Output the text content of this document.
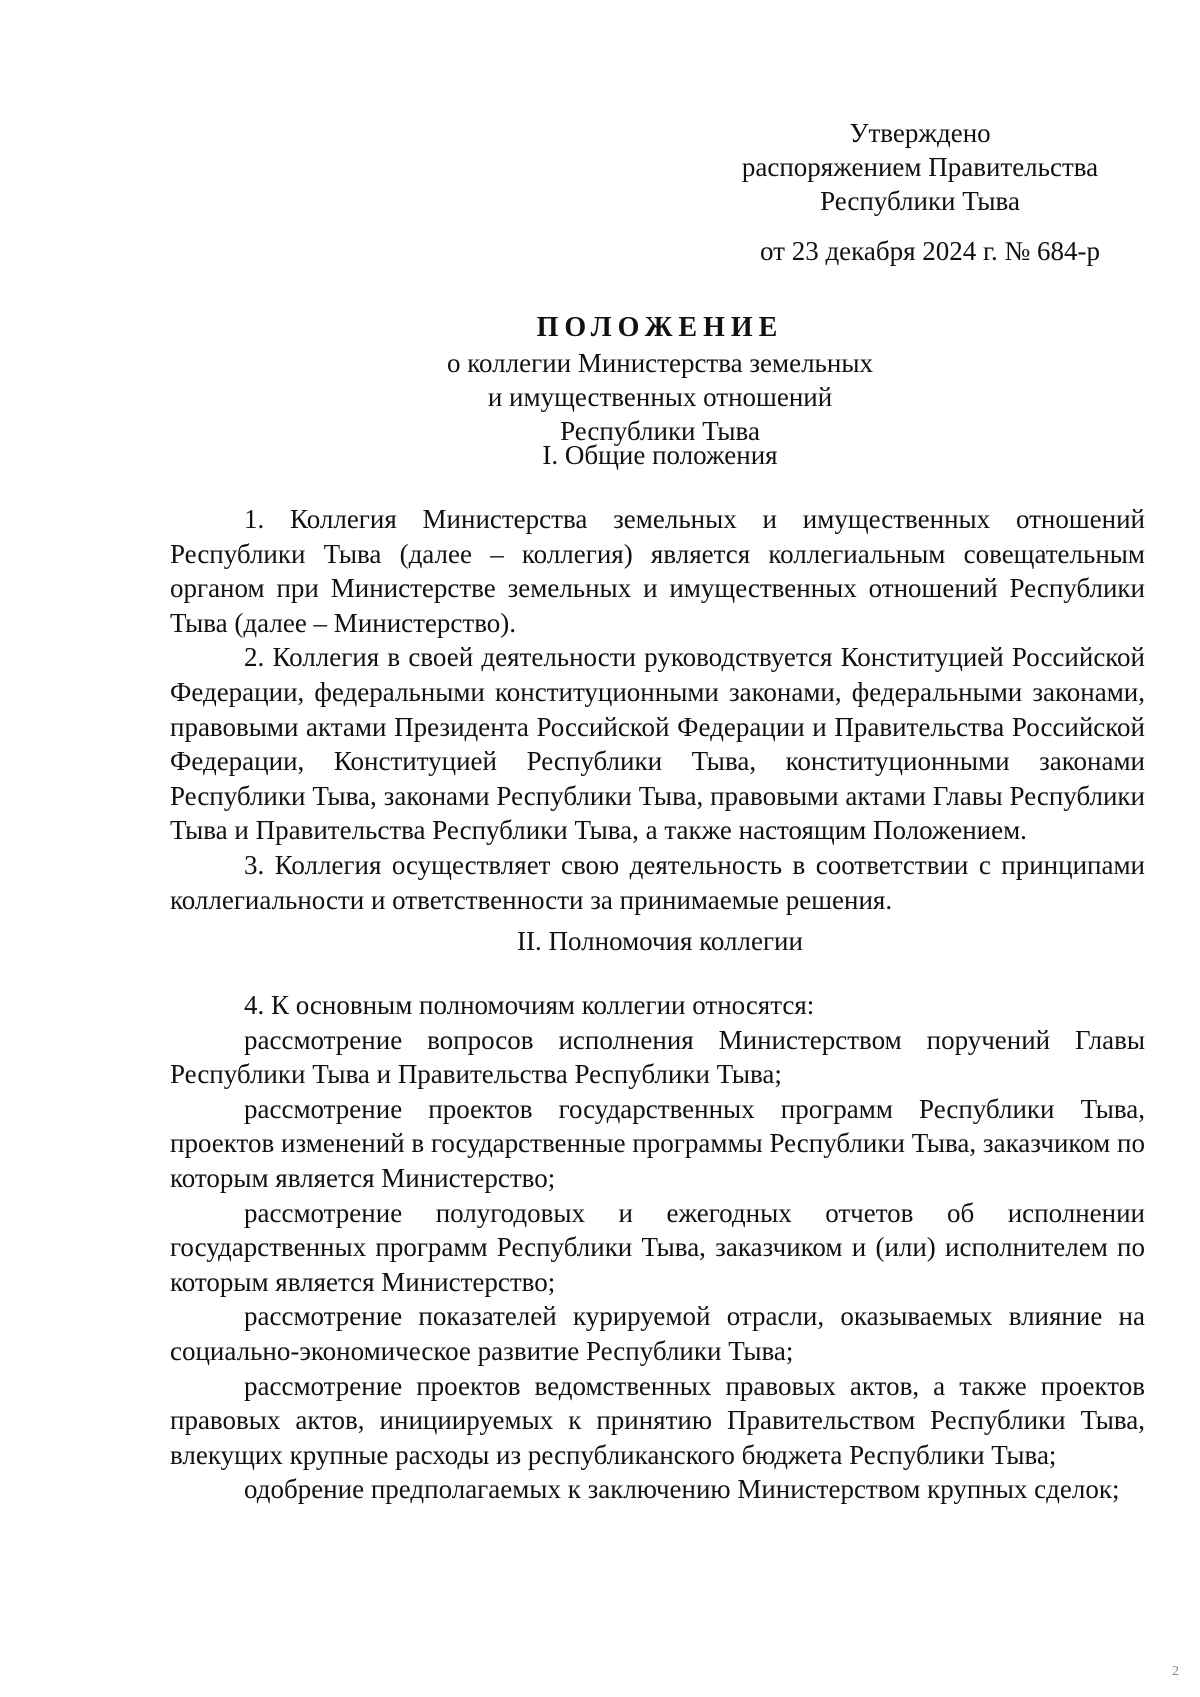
Утверждено
распоряжением Правительства
Республики Тыва
от 23 декабря 2024 г. № 684-р
ПОЛОЖЕНИЕ
о коллегии Министерства земельных
и имущественных отношений
Республики Тыва
I. Общие положения

1. Коллегия Министерства земельных и имущественных отношений Республики Тыва (далее – коллегия) является коллегиальным совещательным органом при Министерстве земельных и имущественных отношений Республики Тыва (далее – Министерство).

2. Коллегия в своей деятельности руководствуется Конституцией Российской Федерации, федеральными конституционными законами, федеральными законами, правовыми актами Президента Российской Федерации и Правительства Российской Федерации, Конституцией Республики Тыва, конституционными законами Республики Тыва, законами Республики Тыва, правовыми актами Главы Республики Тыва и Правительства Республики Тыва, а также настоящим Положением.

3. Коллегия осуществляет свою деятельность в соответствии с принципами коллегиальности и ответственности за принимаемые решения.

II. Полномочия коллегии

4. К основным полномочиям коллегии относятся:

рассмотрение вопросов исполнения Министерством поручений Главы Республики Тыва и Правительства Республики Тыва;

рассмотрение проектов государственных программ Республики Тыва, проектов изменений в государственные программы Республики Тыва, заказчиком по которым является Министерство;

рассмотрение полугодовых и ежегодных отчетов об исполнении государственных программ Республики Тыва, заказчиком и (или) исполнителем по которым является Министерство;

рассмотрение показателей курируемой отрасли, оказываемых влияние на социально-экономическое развитие Республики Тыва;

рассмотрение проектов ведомственных правовых актов, а также проектов правовых актов, инициируемых к принятию Правительством Республики Тыва, влекущих крупные расходы из республиканского бюджета Республики Тыва;

одобрение предполагаемых к заключению Министерством крупных сделок;

2
